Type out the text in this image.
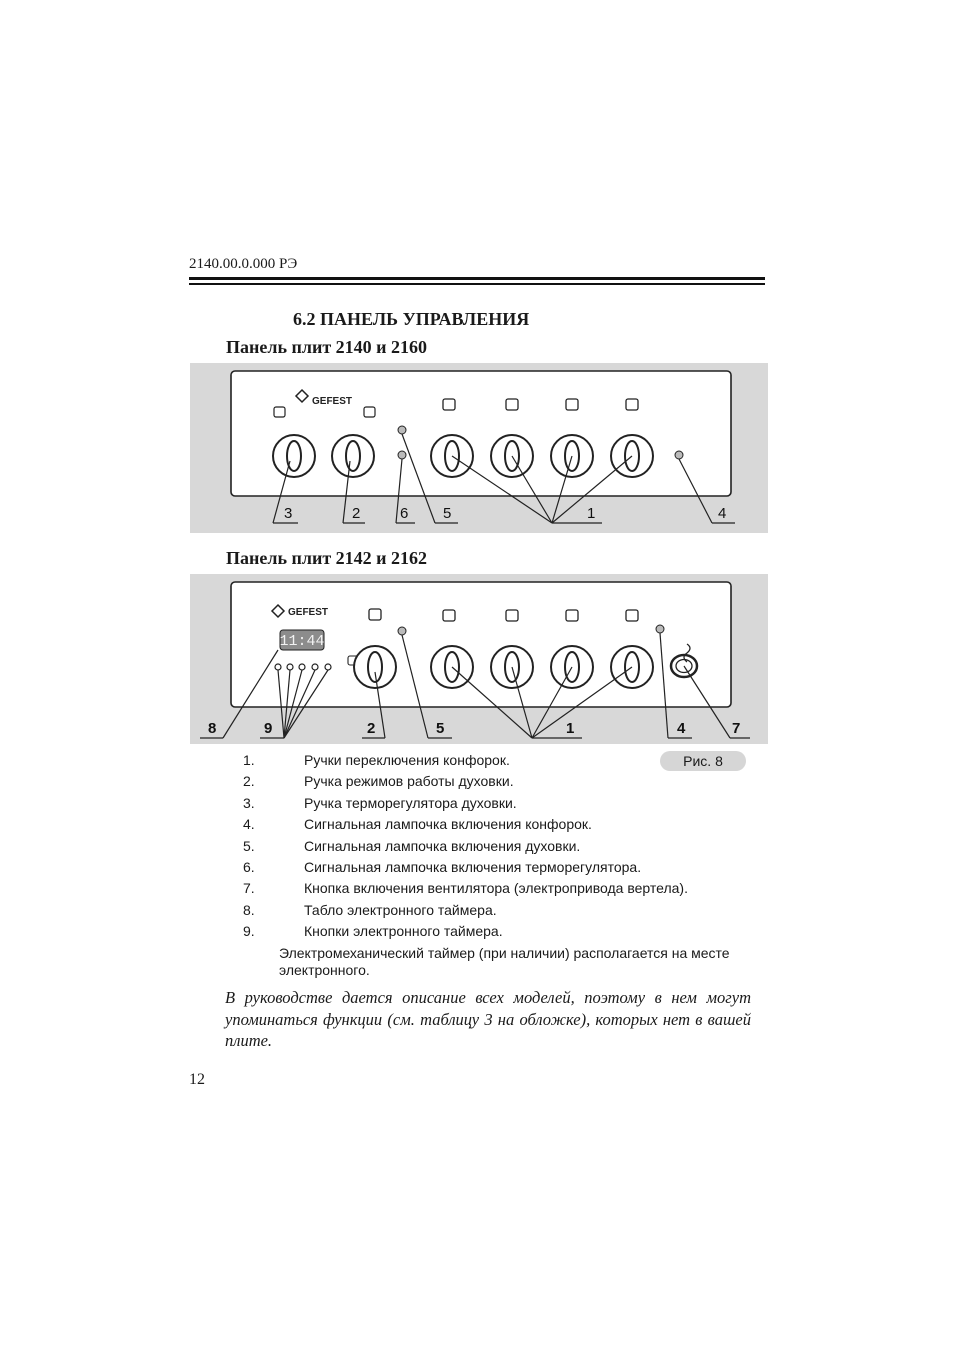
2140.00.0.000 РЭ
6.2 ПАНЕЛЬ УПРАВЛЕНИЯ
Панель плит 2140 и 2160
GEFEST
3	2	6 5	1	4
Панель плит 2142 и 2162
GEFEST
11:44
8	9	2	5	1	4	7
Рис. 8
1.	Ручки переключения конфорок.
2.	Ручка режимов работы духовки.
3.	Ручка терморегулятора духовки.
4.	Сигнальная лампочка включения конфорок.
5.	Сигнальная лампочка включения духовки.
6.	Сигнальная лампочка включения терморегулятора.
7.	Кнопка включения вентилятора (электропривода вертела).
8.	Табло электронного таймера.
9.	Кнопки электронного таймера.
Электромеханический таймер (при наличии) располагается на месте электронного.
В руководстве дается описание всех моделей, поэтому в нем могут упоминаться функции (см. таблицу 3 на обложке), которых нет в вашей плите.
12
